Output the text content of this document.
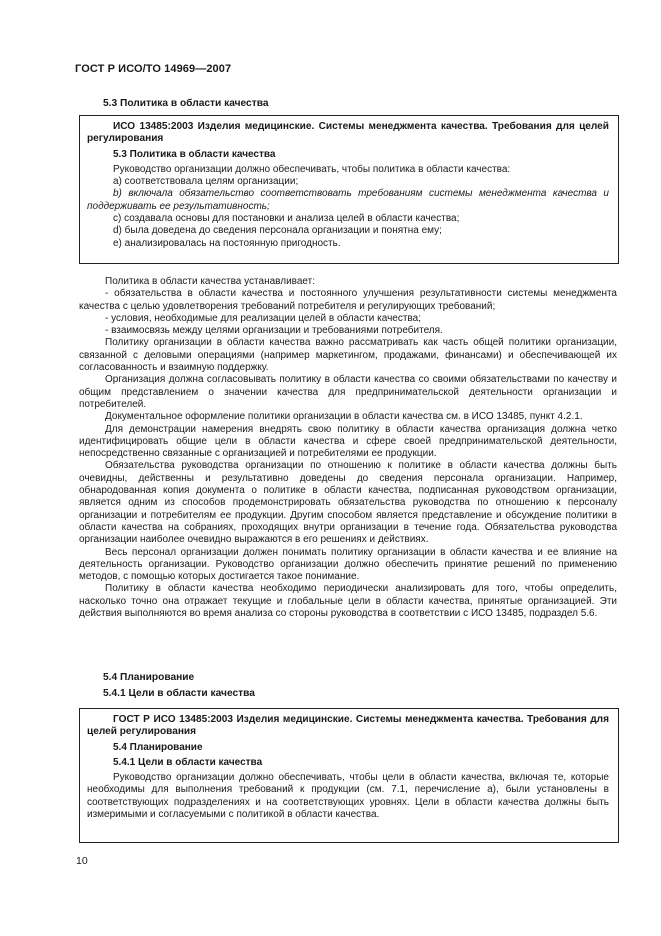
ГОСТ Р ИСО/ТО 14969—2007
5.3 Политика в области качества

ИСО 13485:2003 Изделия медицинские. Системы менеджмента качества. Требования для целей регулирования

5.3 Политика в области качества

Руководство организации должно обеспечивать, чтобы политика в области качества:

a) соответствовала целям организации;

b) включала обязательство соответствовать требованиям системы менеджмента качества и поддерживать ее результативность;

c) создавала основы для постановки и анализа целей в области качества;

d) была доведена до сведения персонала организации и понятна ему;

e) анализировалась на постоянную пригодность.

Политика в области качества устанавливает:

- обязательства в области качества и постоянного улучшения результативности системы менеджмента качества с целью удовлетворения требований потребителя и регулирующих требований;

- условия, необходимые для реализации целей в области качества;

- взаимосвязь между целями организации и требованиями потребителя.

Политику организации в области качества важно рассматривать как часть общей политики организации, связанной с деловыми операциями (например маркетингом, продажами, финансами) и обеспечивающей их согласованность и взаимную поддержку.

Организация должна согласовывать политику в области качества со своими обязательствами по качеству и общим представлением о значении качества для предпринимательской деятельности организации и потребителей.

Документальное оформление политики организации в области качества см. в ИСО 13485, пункт 4.2.1.

Для демонстрации намерения внедрять свою политику в области качества организация должна четко идентифицировать общие цели в области качества и сфере своей предпринимательской деятельности, непосредственно связанные с организацией и потребителями ее продукции.

Обязательства руководства организации по отношению к политике в области качества должны быть очевидны, действенны и результативно доведены до сведения персонала организации. Например, обнародованная копия документа о политике в области качества, подписанная руководством организации, является одним из способов продемонстрировать обязательства руководства по отношению к персоналу организации и потребителям ее продукции. Другим способом является представление и обсуждение политики в области качества на собраниях, проходящих внутри организации в течение года. Обязательства руководства организации наиболее очевидно выражаются в его решениях и действиях.

Весь персонал организации должен понимать политику организации в области качества и ее влияние на деятельность организации. Руководство организации должно обеспечить принятие решений по применению методов, с помощью которых достигается такое понимание.

Политику в области качества необходимо периодически анализировать для того, чтобы определить, насколько точно она отражает текущие и глобальные цели в области качества, принятые организацией. Эти действия выполняются во время анализа со стороны руководства в соответствии с ИСО 13485, подраздел 5.6.

5.4 Планирование
5.4.1 Цели в области качества

ГОСТ Р ИСО 13485:2003 Изделия медицинские. Системы менеджмента качества. Требования для целей регулирования

5.4 Планирование

5.4.1 Цели в области качества

Руководство организации должно обеспечивать, чтобы цели в области качества, включая те, которые необходимы для выполнения требований к продукции (см. 7.1, перечисление а), были установлены в соответствующих подразделениях и на соответствующих уровнях. Цели в области качества должны быть измеримыми и согласуемыми с политикой в области качества.

10
